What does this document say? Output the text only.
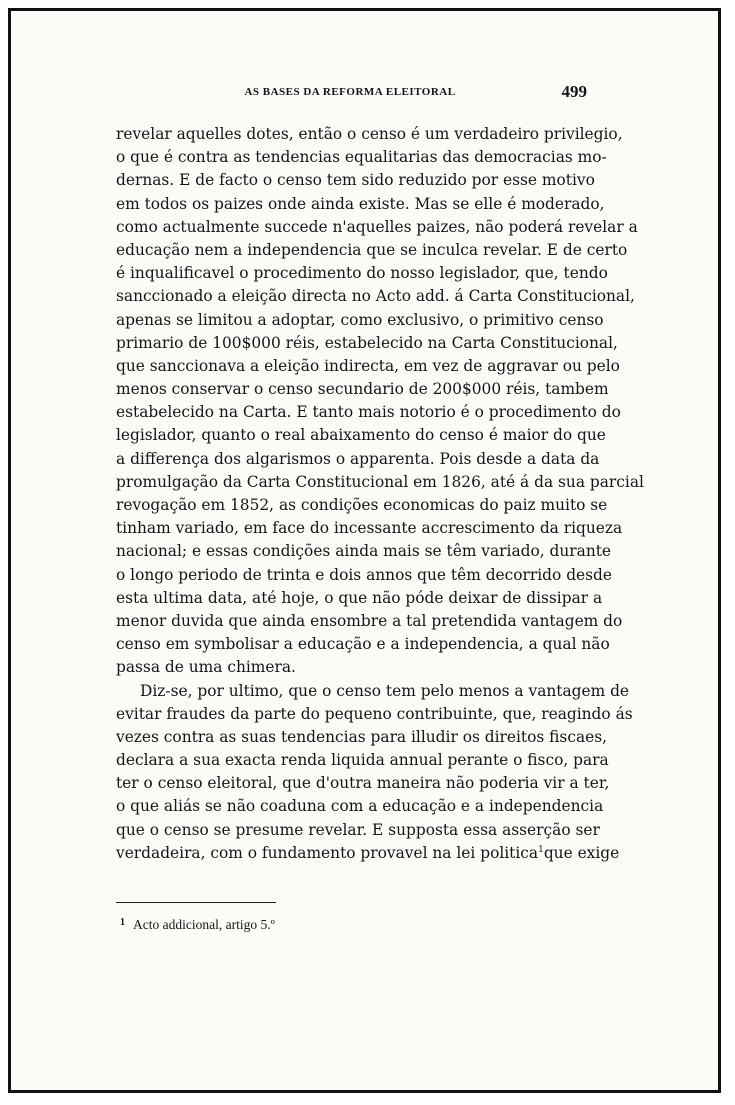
AS BASES DA REFORMA ELEITORAL	499
revelar aquelles dotes, então o censo é um verdadeiro privilegio,
o que é contra as tendencias equalitarias das democracias mo-
dernas. E de facto o censo tem sido reduzido por esse motivo
em todos os paizes onde ainda existe. Mas se elle é moderado,
como actualmente succede n'aquelles paizes, não poderá revelar a
educação nem a independencia que se inculca revelar. E de certo
é inqualificavel o procedimento do nosso legislador, que, tendo
sanccionado a eleição directa no Acto add. á Carta Constitucional,
apenas se limitou a adoptar, como exclusivo, o primitivo censo
primario de 100$000 réis, estabelecido na Carta Constitucional,
que sanccionava a eleição indirecta, em vez de aggravar ou pelo
menos conservar o censo secundario de 200$000 réis, tambem
estabelecido na Carta. E tanto mais notorio é o procedimento do
legislador, quanto o real abaixamento do censo é maior do que
a differença dos algarismos o apparenta. Pois desde a data da
promulgação da Carta Constitucional em 1826, até á da sua parcial
revogação em 1852, as condições economicas do paiz muito se
tinham variado, em face do incessante accrescimento da riqueza
nacional; e essas condições ainda mais se têm variado, durante
o longo periodo de trinta e dois annos que têm decorrido desde
esta ultima data, até hoje, o que não póde deixar de dissipar a
menor duvida que ainda ensombre a tal pretendida vantagem do
censo em symbolisar a educação e a independencia, a qual não
passa de uma chimera.
Diz-se, por ultimo, que o censo tem pelo menos a vantagem de
evitar fraudes da parte do pequeno contribuinte, que, reagindo ás
vezes contra as suas tendencias para illudir os direitos fiscaes,
declara a sua exacta renda liquida annual perante o fisco, para
ter o censo eleitoral, que d'outra maneira não poderia vir a ter,
o que aliás se não coaduna com a educação e a independencia
que o censo se presume revelar. E supposta essa asserção ser
verdadeira, com o fundamento provavel na lei politica$^1$que exige
$^1$ Acto addicional, artigo 5.º
